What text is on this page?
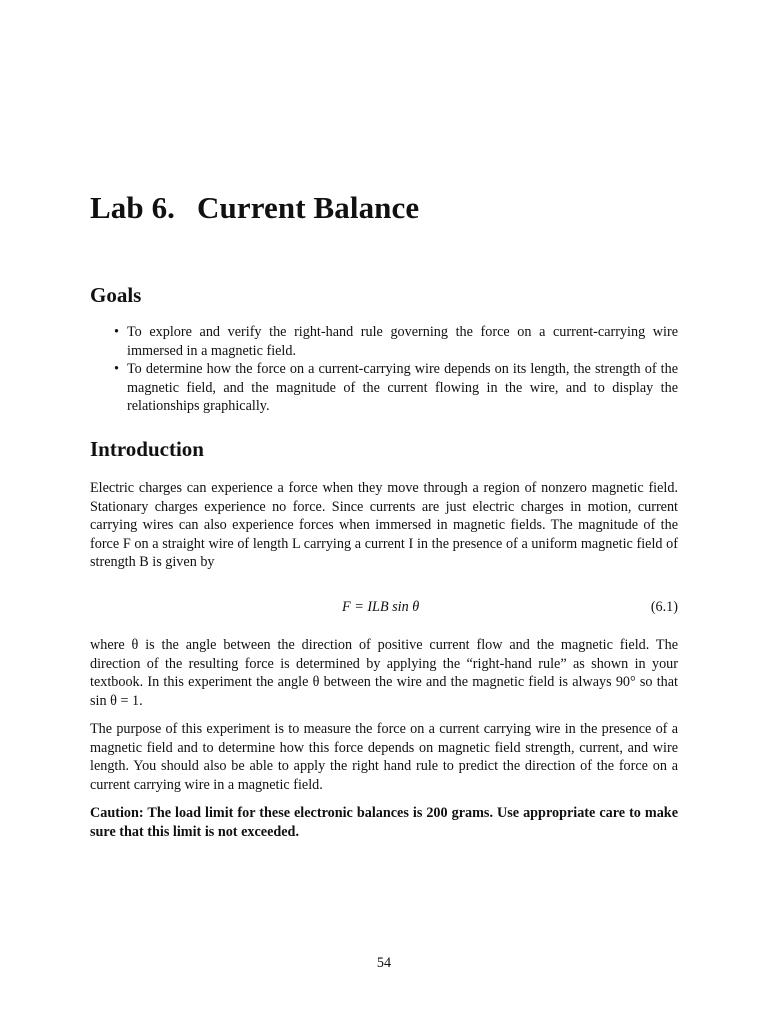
Lab 6. Current Balance
Goals
• To explore and verify the right-hand rule governing the force on a current-carrying wire immersed in a magnetic field.
• To determine how the force on a current-carrying wire depends on its length, the strength of the magnetic field, and the magnitude of the current flowing in the wire, and to display the relationships graphically.
Introduction

Electric charges can experience a force when they move through a region of nonzero magnetic field. Stationary charges experience no force. Since currents are just electric charges in motion, current carrying wires can also experience forces when immersed in magnetic fields. The magnitude of the force F on a straight wire of length L carrying a current I in the presence of a uniform magnetic field of strength B is given by

F = ILB sin θ	(6.1)

where θ is the angle between the direction of positive current flow and the magnetic field. The direction of the resulting force is determined by applying the “right-hand rule” as shown in your textbook. In this experiment the angle θ between the wire and the magnetic field is always 90° so that sin θ = 1.

The purpose of this experiment is to measure the force on a current carrying wire in the presence of a magnetic field and to determine how this force depends on magnetic field strength, current, and wire length. You should also be able to apply the right hand rule to predict the direction of the force on a current carrying wire in a magnetic field.

Caution: The load limit for these electronic balances is 200 grams. Use appropriate care to make sure that this limit is not exceeded.

54
